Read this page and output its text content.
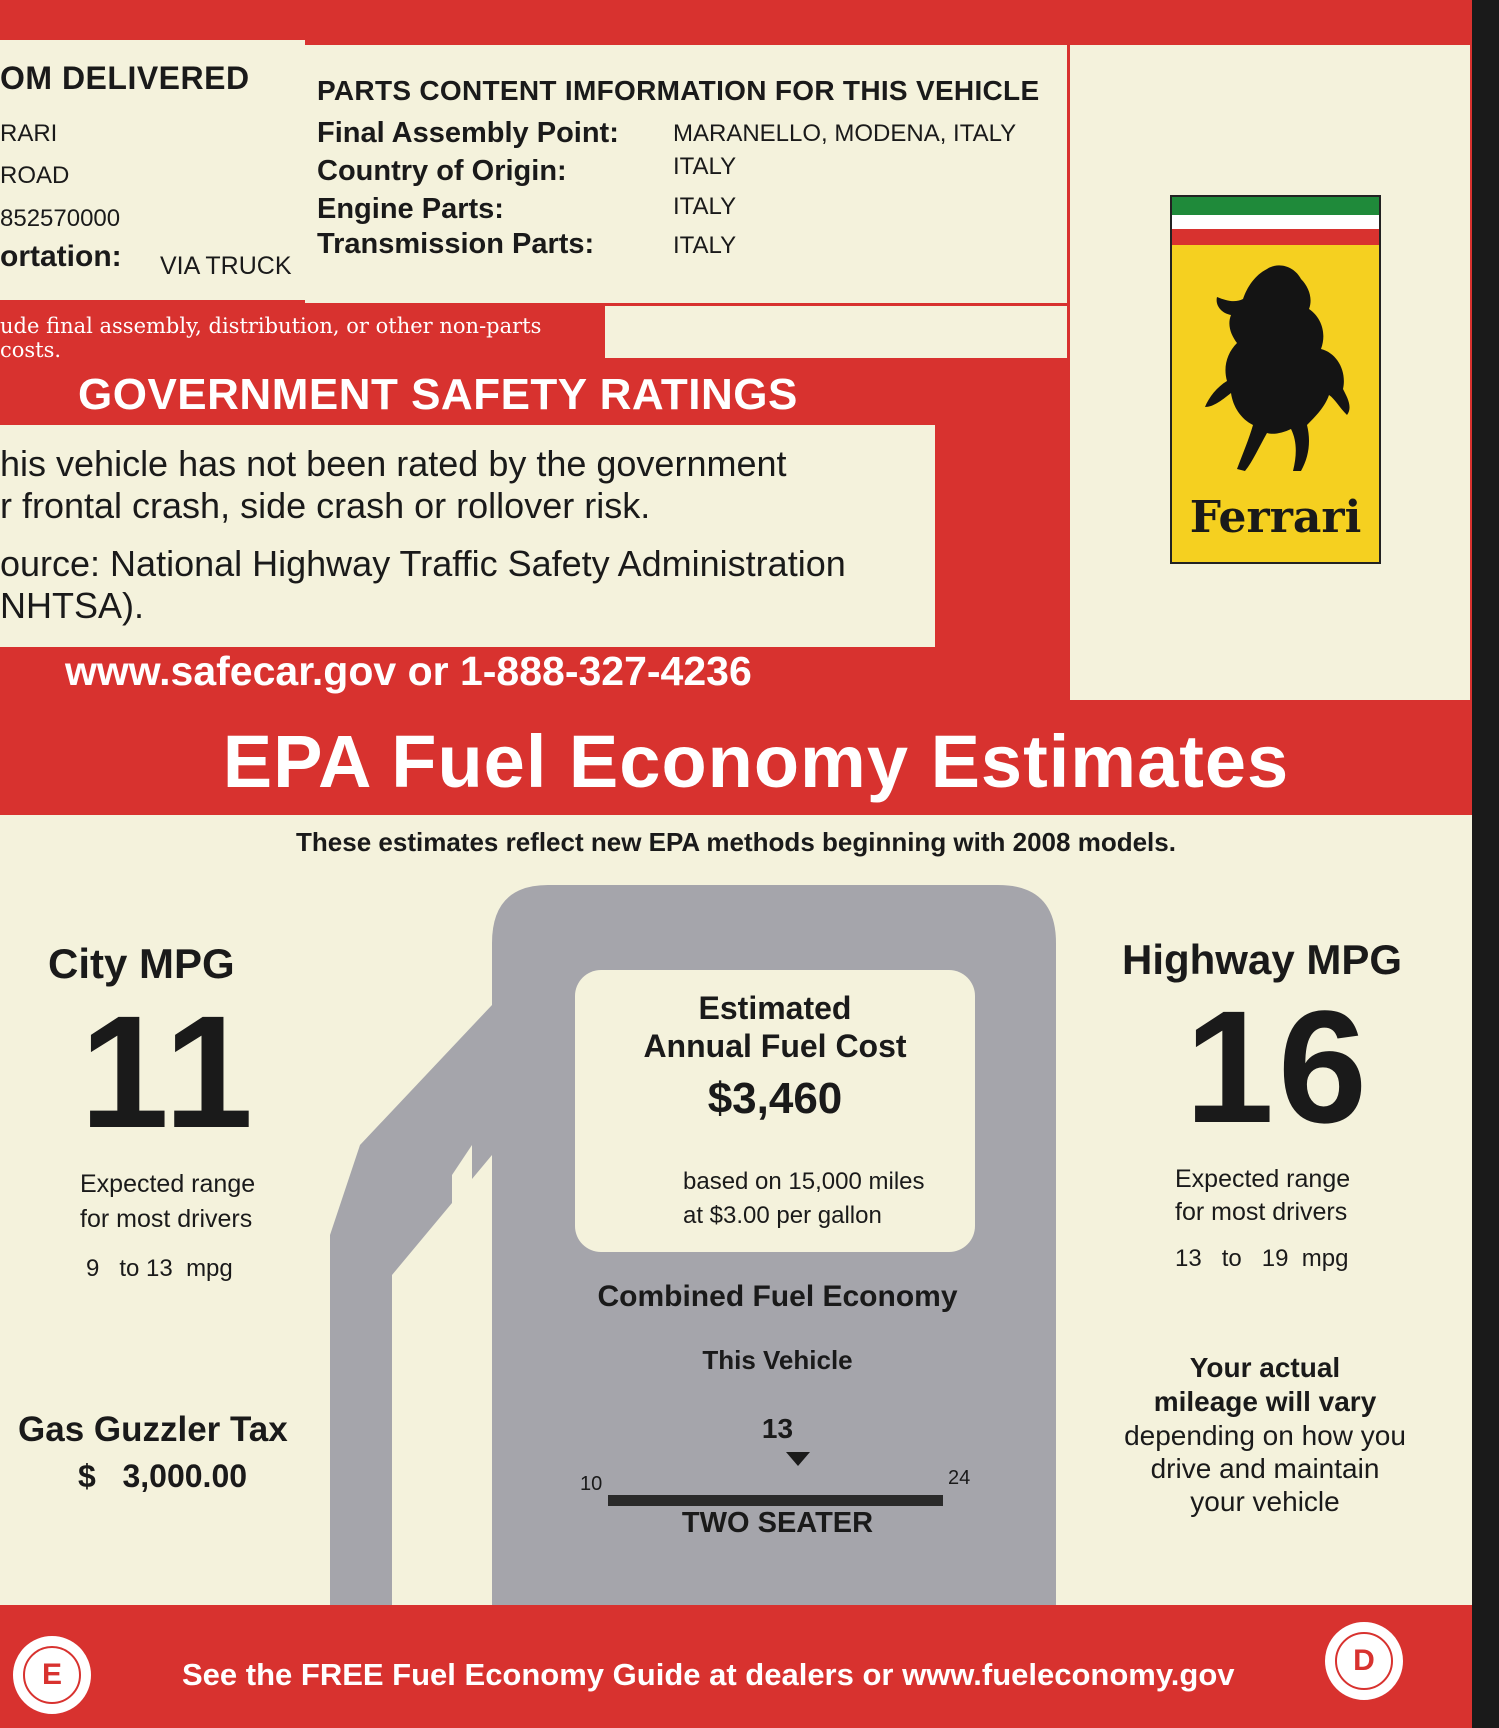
OM DELIVERED
RARI
ROAD
852570000
ortation: VIA TRUCK
PARTS CONTENT IMFORMATION FOR THIS VEHICLE
Final Assembly Point: MARANELLO, MODENA, ITALY
Country of Origin:	ITALY
Engine Parts:	ITALY
Transmission Parts:	ITALY
ude final assembly, distribution, or other non-parts costs.
Ferrari
GOVERNMENT SAFETY RATINGS
his vehicle has not been rated by the government
r frontal crash, side crash or rollover risk.
ource: National Highway Traffic Safety Administration
NHTSA).
www.safecar.gov or 1-888-327-4236
EPA Fuel Economy Estimates
These estimates reflect new EPA methods beginning with 2008 models.
Estimated
Annual Fuel Cost
$3,460
based on 15,000 miles
at $3.00 per gallon
Combined Fuel Economy
This Vehicle
13
10	24
TWO SEATER
City MPG
11
Expected range
for most drivers
9   to 13  mpg
Gas Guzzler Tax
$   3,000.00
Highway MPG
16
Expected range
for most drivers
13   to   19  mpg
Your actual
mileage will vary
depending on how you
drive and maintain
your vehicle
E	See the FREE Fuel Economy Guide at dealers or www.fueleconomy.gov	D
